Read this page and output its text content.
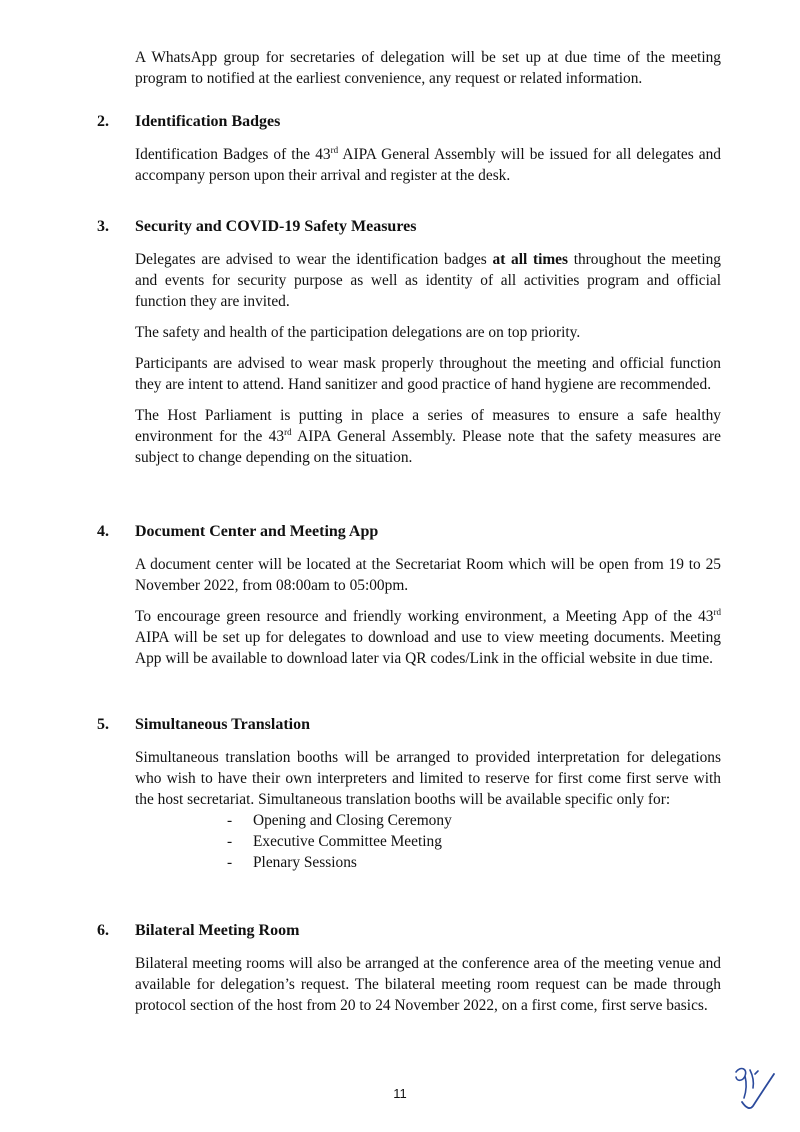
A WhatsApp group for secretaries of delegation will be set up at due time of the meeting program to notified at the earliest convenience, any request or related information.

2.	Identification Badges

Identification Badges of the 43rd AIPA General Assembly will be issued for all delegates and accompany person upon their arrival and register at the desk.

3.	Security and COVID-19 Safety Measures

Delegates are advised to wear the identification badges at all times throughout the meeting and events for security purpose as well as identity of all activities program and official function they are invited.

The safety and health of the participation delegations are on top priority.

Participants are advised to wear mask properly throughout the meeting and official function they are intent to attend. Hand sanitizer and good practice of hand hygiene are recommended.

The Host Parliament is putting in place a series of measures to ensure a safe healthy environment for the 43rd AIPA General Assembly. Please note that the safety measures are subject to change depending on the situation.

4.	Document Center and Meeting App

A document center will be located at the Secretariat Room which will be open from 19 to 25 November 2022, from 08:00am to 05:00pm.

To encourage green resource and friendly working environment, a Meeting App of the 43rd AIPA will be set up for delegates to download and use to view meeting documents. Meeting App will be available to download later via QR codes/Link in the official website in due time.

5.	Simultaneous Translation

Simultaneous translation booths will be arranged to provided interpretation for delegations who wish to have their own interpreters and limited to reserve for first come first serve with the host secretariat. Simultaneous translation booths will be available specific only for:

-	Opening and Closing Ceremony
-	Executive Committee Meeting
-	Plenary Sessions
6.	Bilateral Meeting Room

Bilateral meeting rooms will also be arranged at the conference area of the meeting venue and available for delegation’s request. The bilateral meeting room request can be made through protocol section of the host from 20 to 24 November 2022, on a first come, first serve basics.

11
